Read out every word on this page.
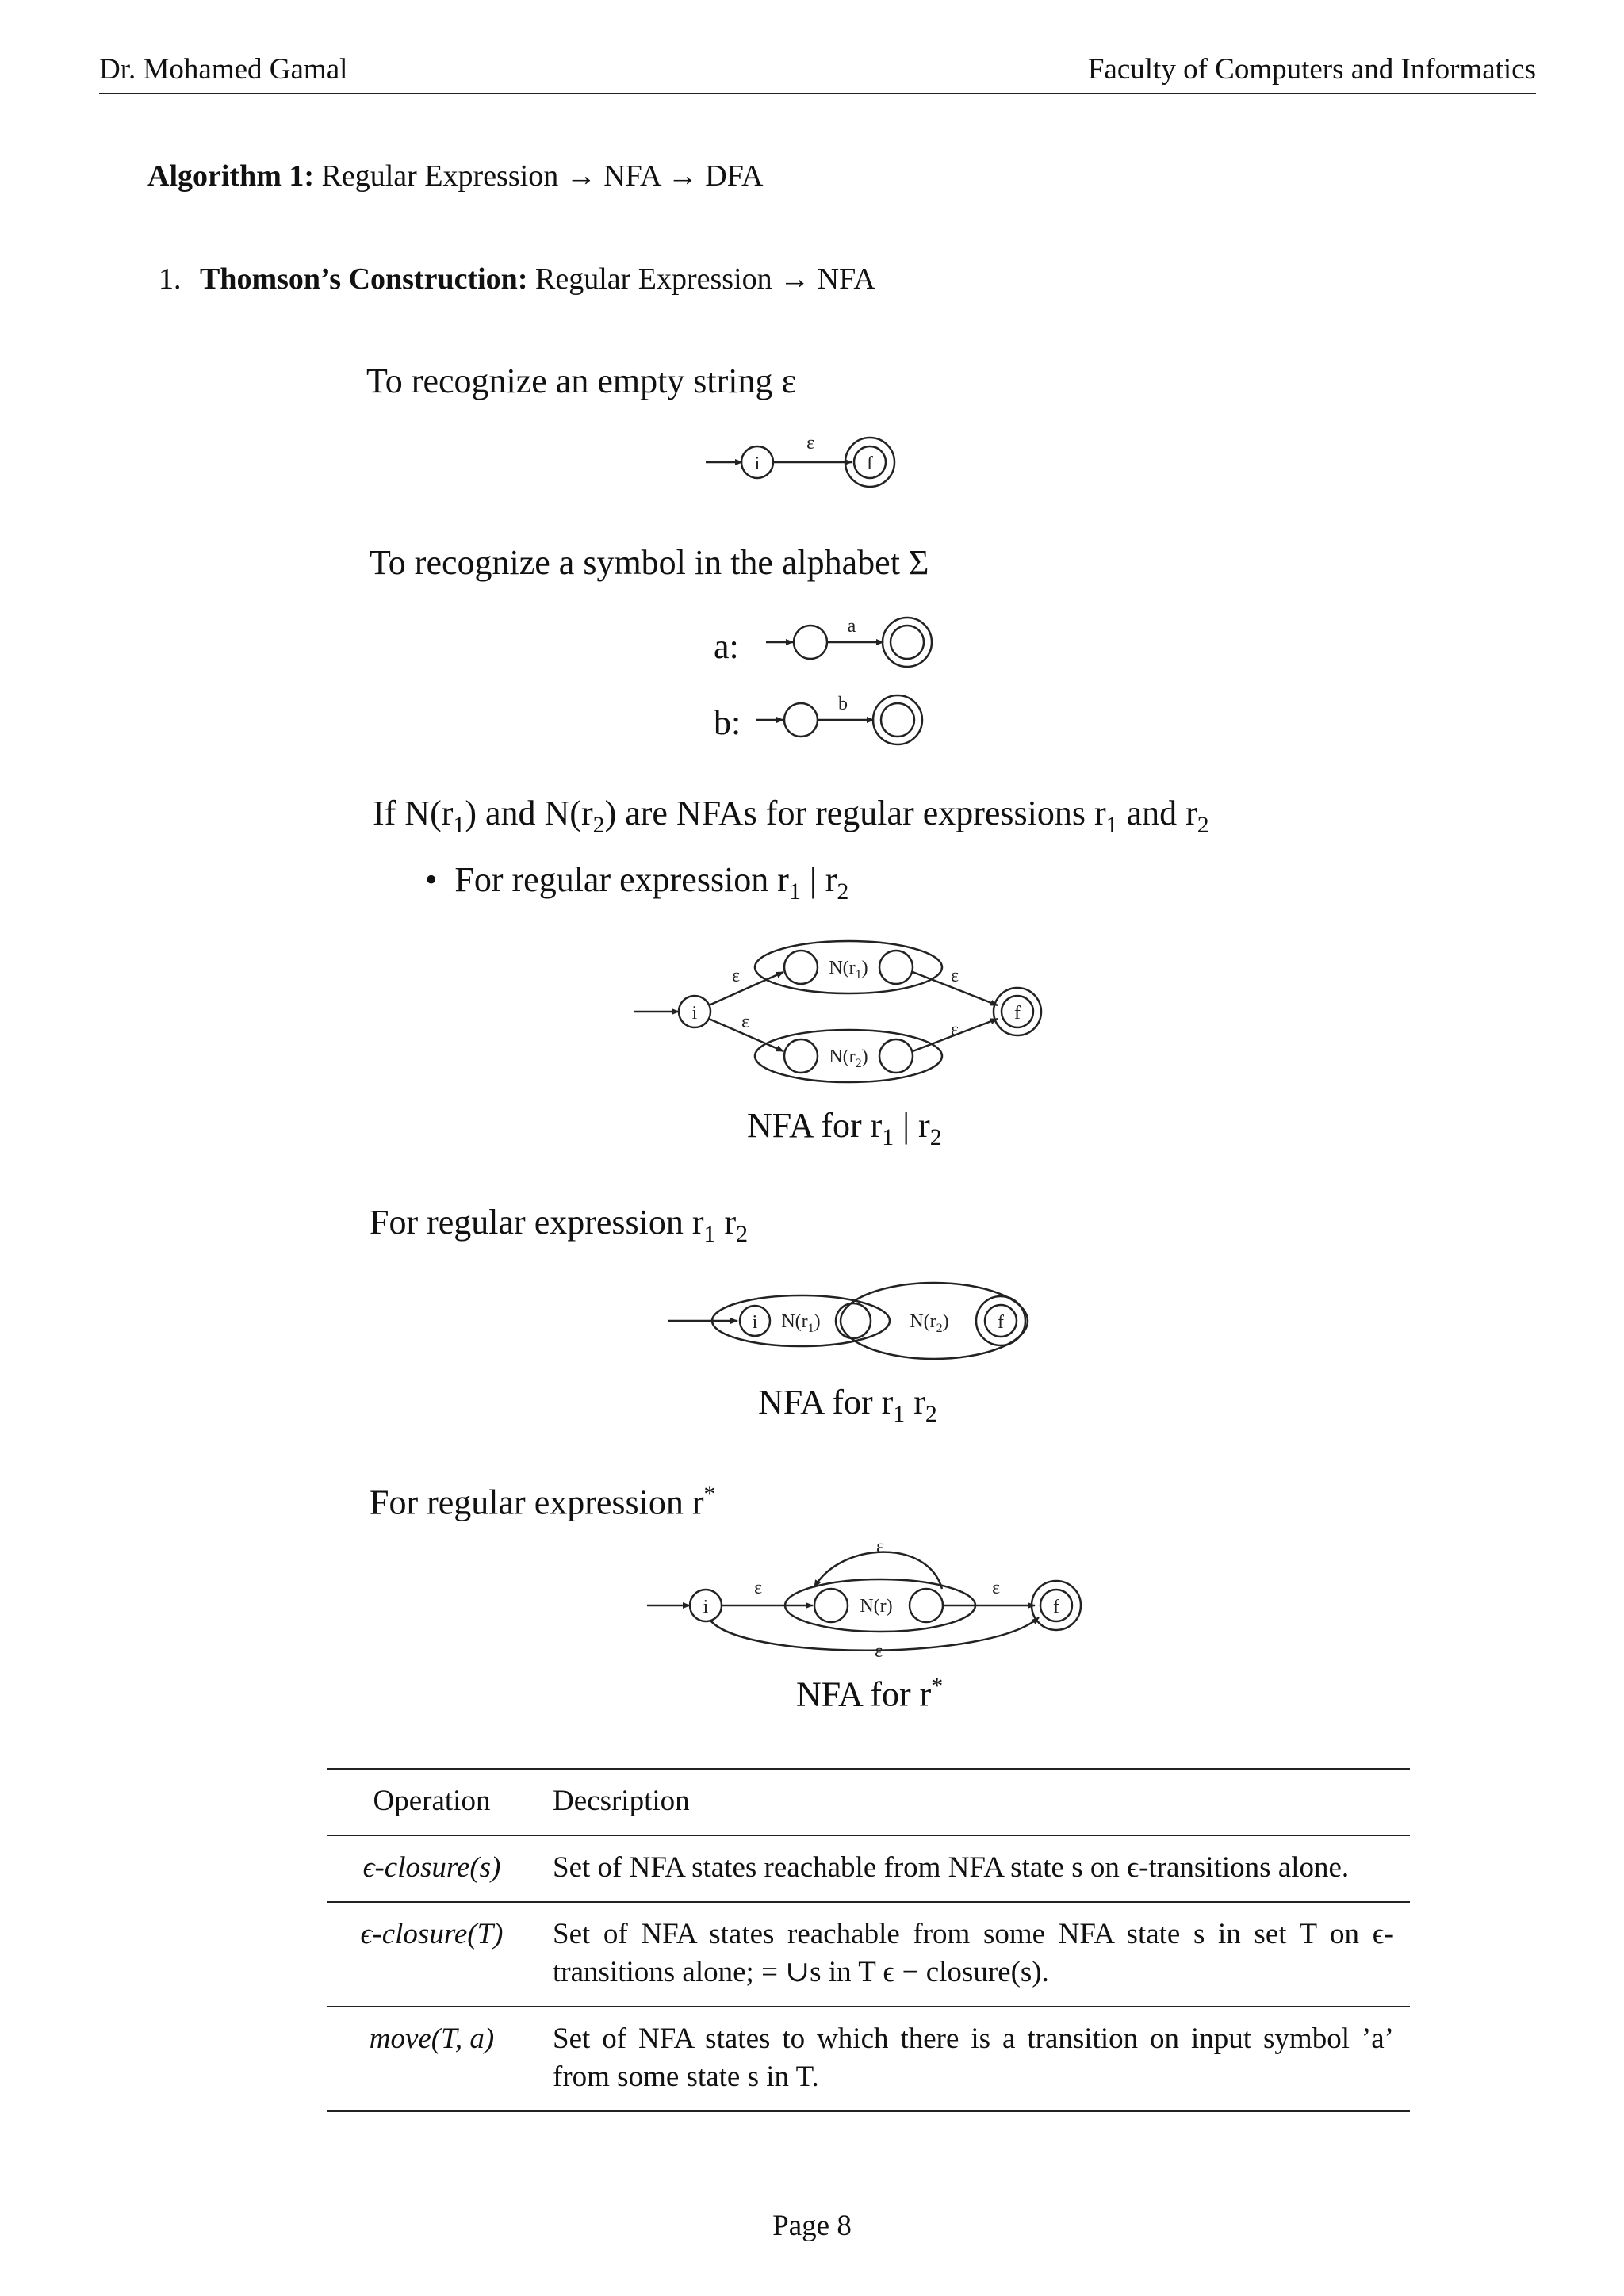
Dr. Mohamed Gamal	Faculty of Computers and Informatics
Algorithm 1: Regular Expression → NFA → DFA
1. Thomson’s Construction: Regular Expression → NFA
To recognize an empty string ε
i
ε
f
To recognize a symbol in the alphabet Σ
a:
b:
a
b
If $N(r_1)$ and $N(r_2)$ are NFAs for regular expressions $r_1$ and $r_2$
• For regular expression $r_1$ | $r_2$
i
$N(r_1)$
$N(r_2)$
ε
ε
ε
ε
f
NFA for $r_1$ | $r_2$
For regular expression $r_1$ $r_2$
i $N(r_1)$	$N(r_2)$	f
NFA for $r_1$ $r_2$
For regular expression r*
i	N(r)
ε	ε
ε
ε
f
NFA for r*
Operation	Decsription
ϵ-closure(s)	Set of NFA states reachable from NFA state s on ϵ-transitions alone.
ϵ-closure(T)	Set of NFA states reachable from some NFA state s in set T on ϵ-transitions alone; = ∪s in T ϵ − closure(s).
move(T, a)	Set of NFA states to which there is a transition on input symbol ’a’ from some state s in T.
Page 8
